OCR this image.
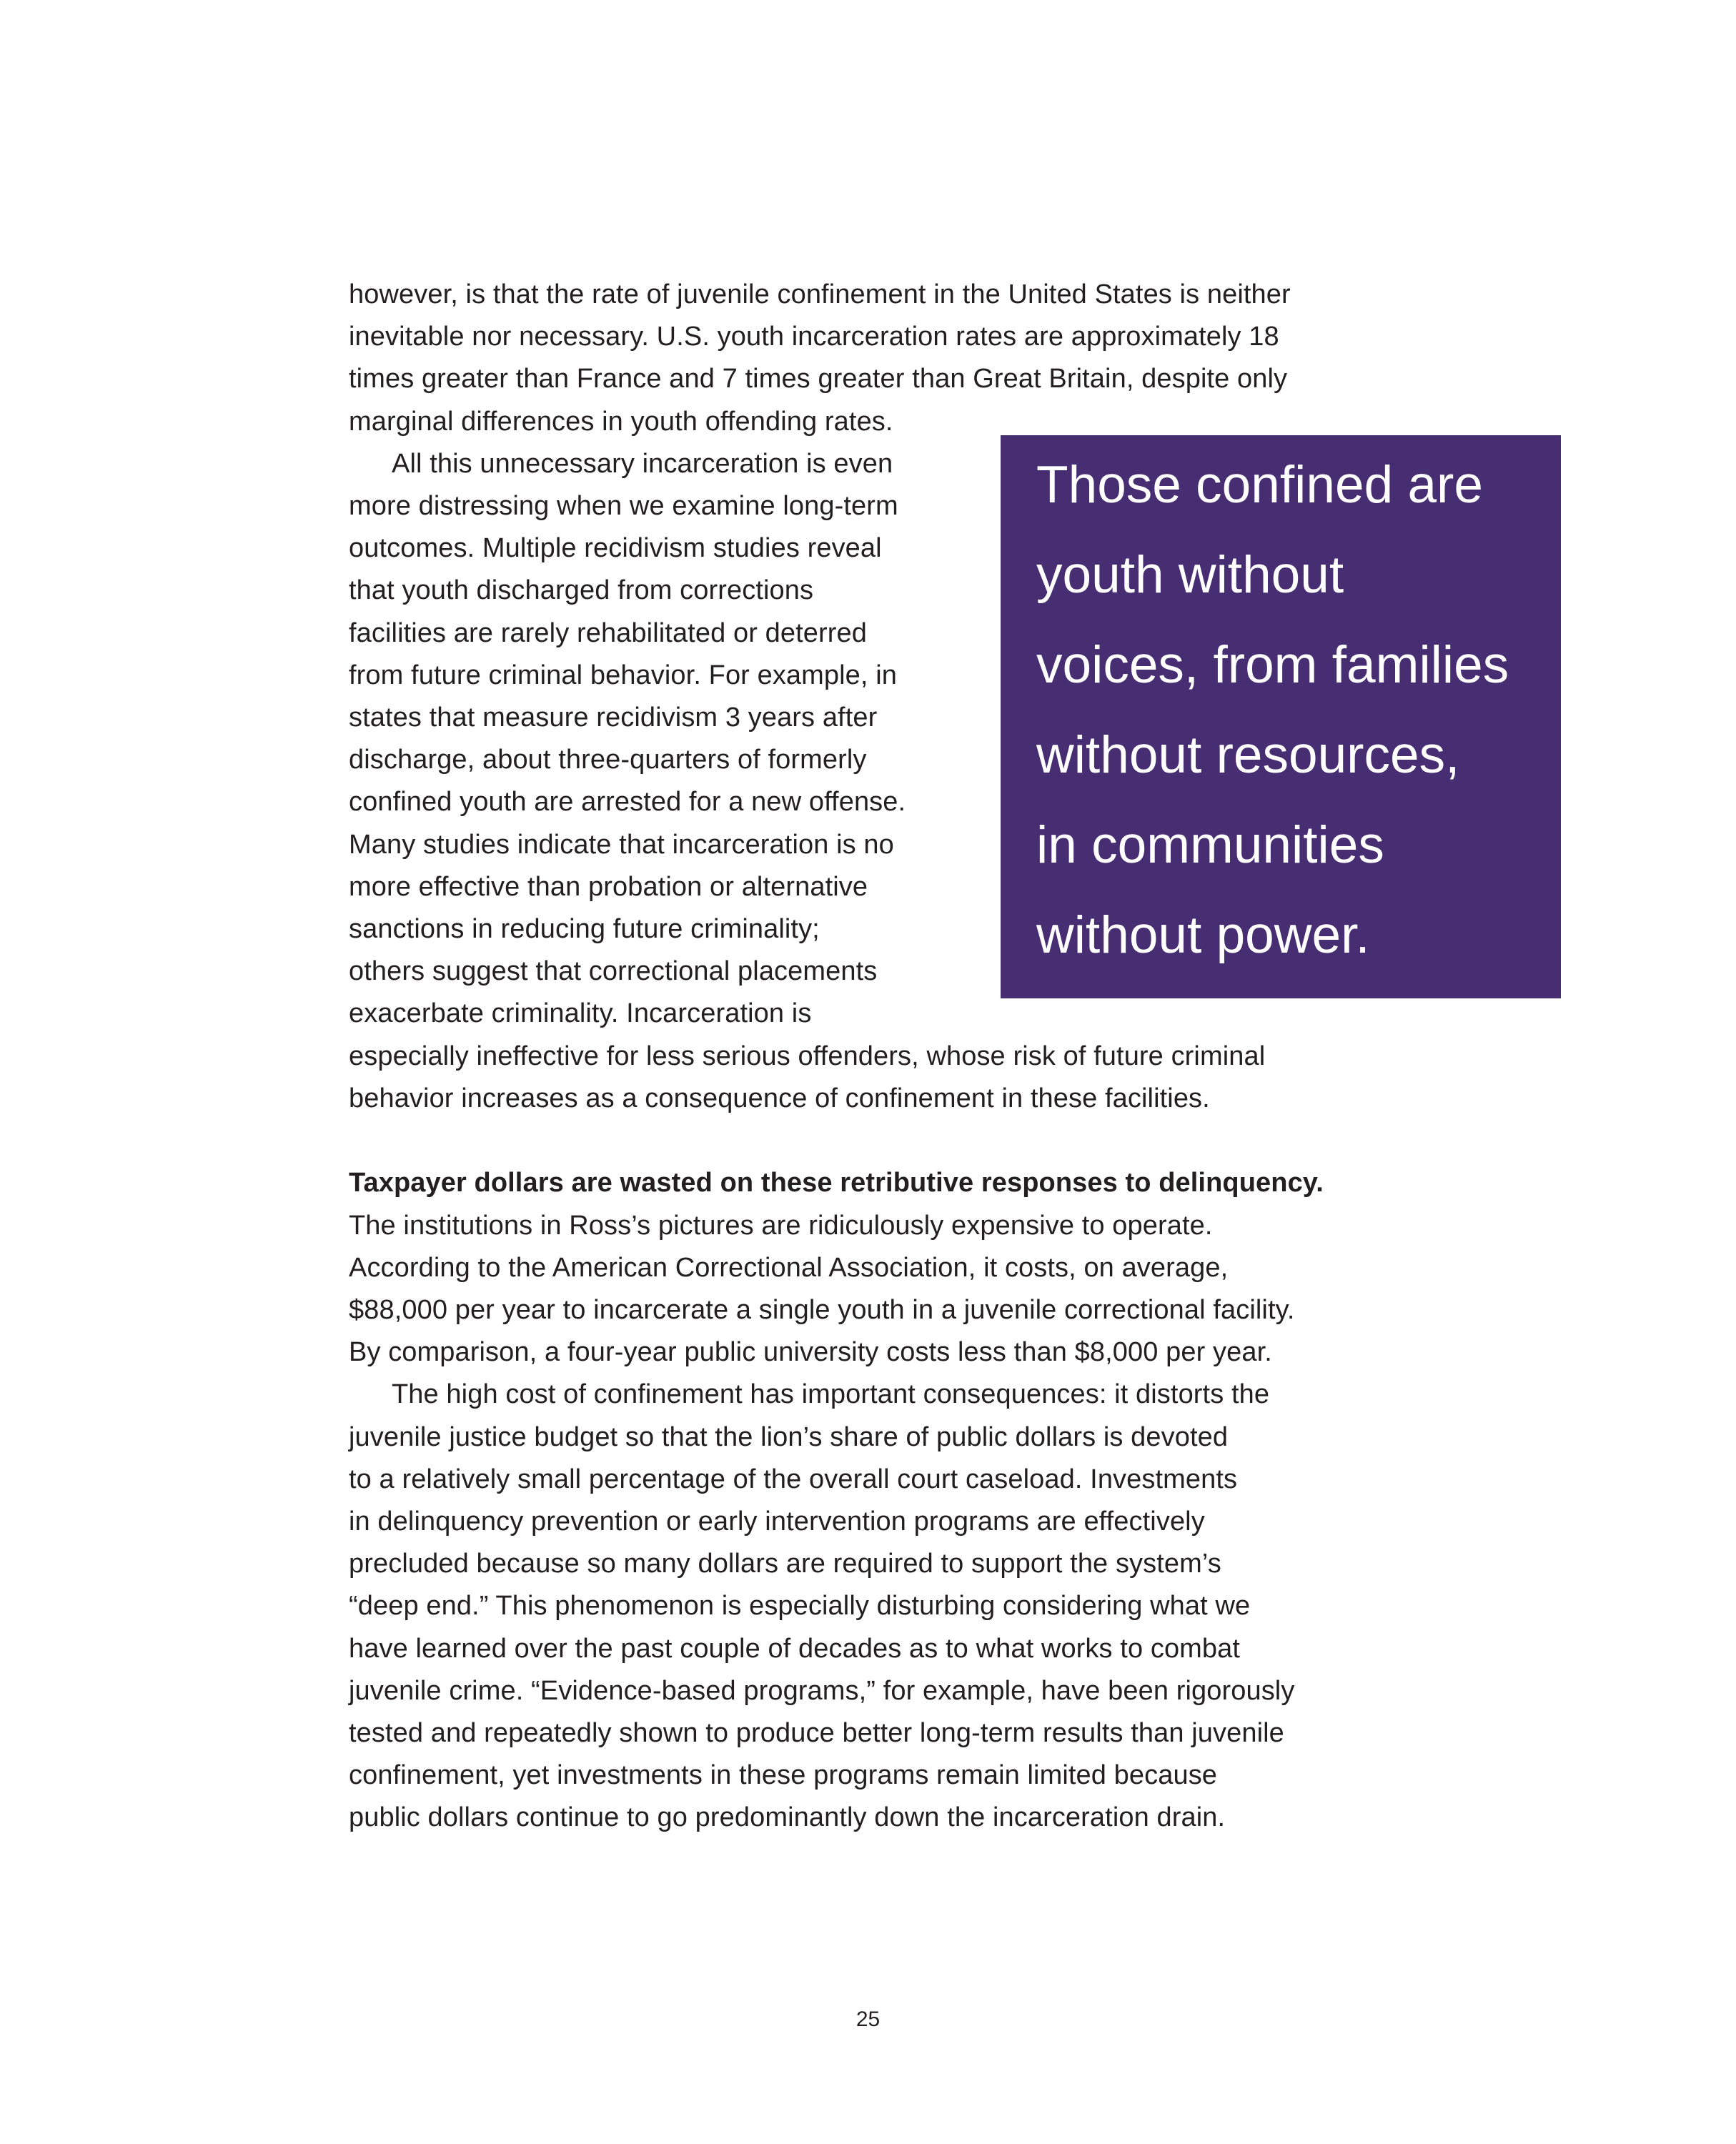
however, is that the rate of juvenile confinement in the United States is neither
inevitable nor necessary. U.S. youth incarceration rates are approximately 18
times greater than France and 7 times greater than Great Britain, despite only
marginal differences in youth offending rates.
All this unnecessary incarceration is even
more distressing when we examine long-term
outcomes. Multiple recidivism studies reveal
that youth discharged from corrections
facilities are rarely rehabilitated or deterred
from future criminal behavior. For example, in
states that measure recidivism 3 years after
discharge, about three-quarters of formerly
confined youth are arrested for a new offense.
Many studies indicate that incarceration is no
more effective than probation or alternative
sanctions in reducing future criminality;
others suggest that correctional placements
exacerbate criminality. Incarceration is
especially ineffective for less serious offenders, whose risk of future criminal
behavior increases as a consequence of confinement in these facilities.
Taxpayer dollars are wasted on these retributive responses to delinquency.
The institutions in Ross’s pictures are ridiculously expensive to operate.
According to the American Correctional Association, it costs, on average,
$88,000 per year to incarcerate a single youth in a juvenile correctional facility.
By comparison, a four-year public university costs less than $8,000 per year.
The high cost of confinement has important consequences: it distorts the
juvenile justice budget so that the lion’s share of public dollars is devoted
to a relatively small percentage of the overall court caseload. Investments
in delinquency prevention or early intervention programs are effectively
precluded because so many dollars are required to support the system’s
“deep end.” This phenomenon is especially disturbing considering what we
have learned over the past couple of decades as to what works to combat
juvenile crime. “Evidence-based programs,” for example, have been rigorously
tested and repeatedly shown to produce better long-term results than juvenile
confinement, yet investments in these programs remain limited because
public dollars continue to go predominantly down the incarceration drain.
Those confined are
youth without
voices, from families
without resources,
in communities
without power.
25
